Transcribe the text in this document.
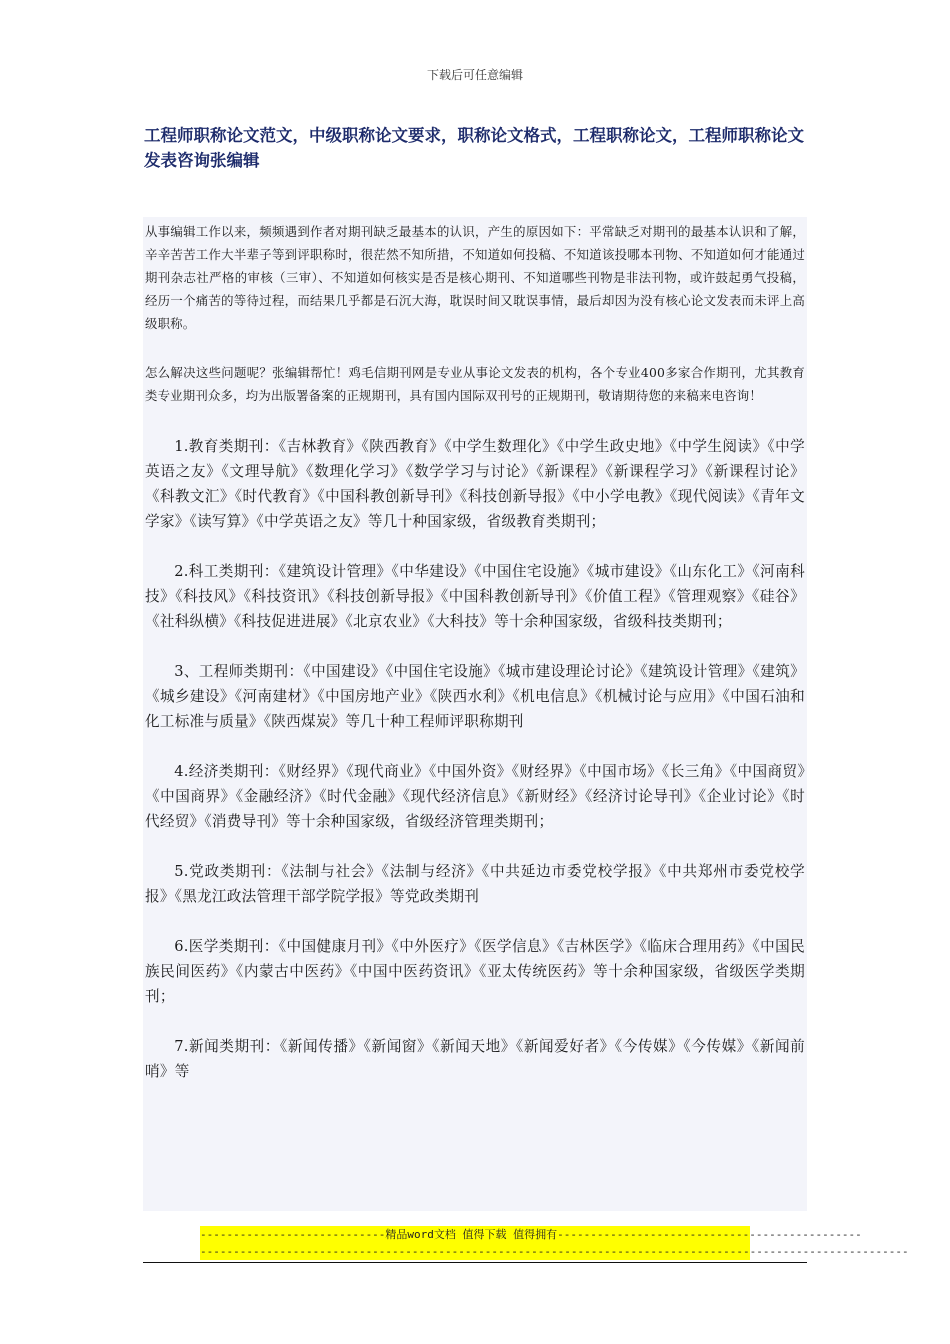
下载后可任意编辑
工程师职称论文范文，中级职称论文要求，职称论文格式，工程职称论文，工程师职称论文发表咨询张编辑

从事编辑工作以来，频频遇到作者对期刊缺乏最基本的认识，产生的原因如下：平常缺乏对期刊的最基本认识和了解，辛辛苦苦工作大半辈子等到评职称时，很茫然不知所措，不知道如何投稿、不知道该投哪本刊物、不知道如何才能通过期刊杂志社严格的审核（三审）、不知道如何核实是否是核心期刊、不知道哪些刊物是非法刊物，或许鼓起勇气投稿，经历一个痛苦的等待过程，而结果几乎都是石沉大海，耽误时间又耽误事情，最后却因为没有核心论文发表而未评上高级职称。

怎么解决这些问题呢？张编辑帮忙！鸡毛信期刊网是专业从事论文发表的机构，各个专业400多家合作期刊，尤其教育类专业期刊众多，均为出版署备案的正规期刊，具有国内国际双刊号的正规期刊，敬请期待您的来稿来电咨询！

1.教育类期刊：《吉林教育》《陕西教育》《中学生数理化》《中学生政史地》《中学生阅读》《中学英语之友》《文理导航》《数理化学习》《数学学习与讨论》《新课程》《新课程学习》《新课程讨论》《科教文汇》《时代教育》《中国科教创新导刊》《科技创新导报》《中小学电教》《现代阅读》《青年文学家》《读写算》《中学英语之友》等几十种国家级，省级教育类期刊；

2.科工类期刊：《建筑设计管理》《中华建设》《中国住宅设施》《城市建设》《山东化工》《河南科技》《科技风》《科技资讯》《科技创新导报》《中国科教创新导刊》《价值工程》《管理观察》《硅谷》《社科纵横》《科技促进进展》《北京农业》《大科技》等十余种国家级，省级科技类期刊；

3、工程师类期刊：《中国建设》《中国住宅设施》《城市建设理论讨论》《建筑设计管理》《建筑》《城乡建设》《河南建材》《中国房地产业》《陕西水利》《机电信息》《机械讨论与应用》《中国石油和化工标准与质量》《陕西煤炭》等几十种工程师评职称期刊

4.经济类期刊：《财经界》《现代商业》《中国外资》《财经界》《中国市场》《长三角》《中国商贸》《中国商界》《金融经济》《时代金融》《现代经济信息》《新财经》《经济讨论导刊》《企业讨论》《时代经贸》《消费导刊》等十余种国家级，省级经济管理类期刊；

5.党政类期刊：《法制与社会》《法制与经济》《中共延边市委党校学报》《中共郑州市委党校学报》《黑龙江政法管理干部学院学报》等党政类期刊

6.医学类期刊：《中国健康月刊》《中外医疗》《医学信息》《吉林医学》《临床合理用药》《中国民族民间医药》《内蒙古中医药》《中国中医药资讯》《亚太传统医药》等十余种国家级，省级医学类期刊；

7.新闻类期刊：《新闻传播》《新闻窗》《新闻天地》《新闻爱好者》《今传媒》《今传媒》《新闻前哨》等

----------------------------精品word文档 值得下载 值得拥有----------------------------------------------
-----------------------------------------------------------------------------------------------------------
